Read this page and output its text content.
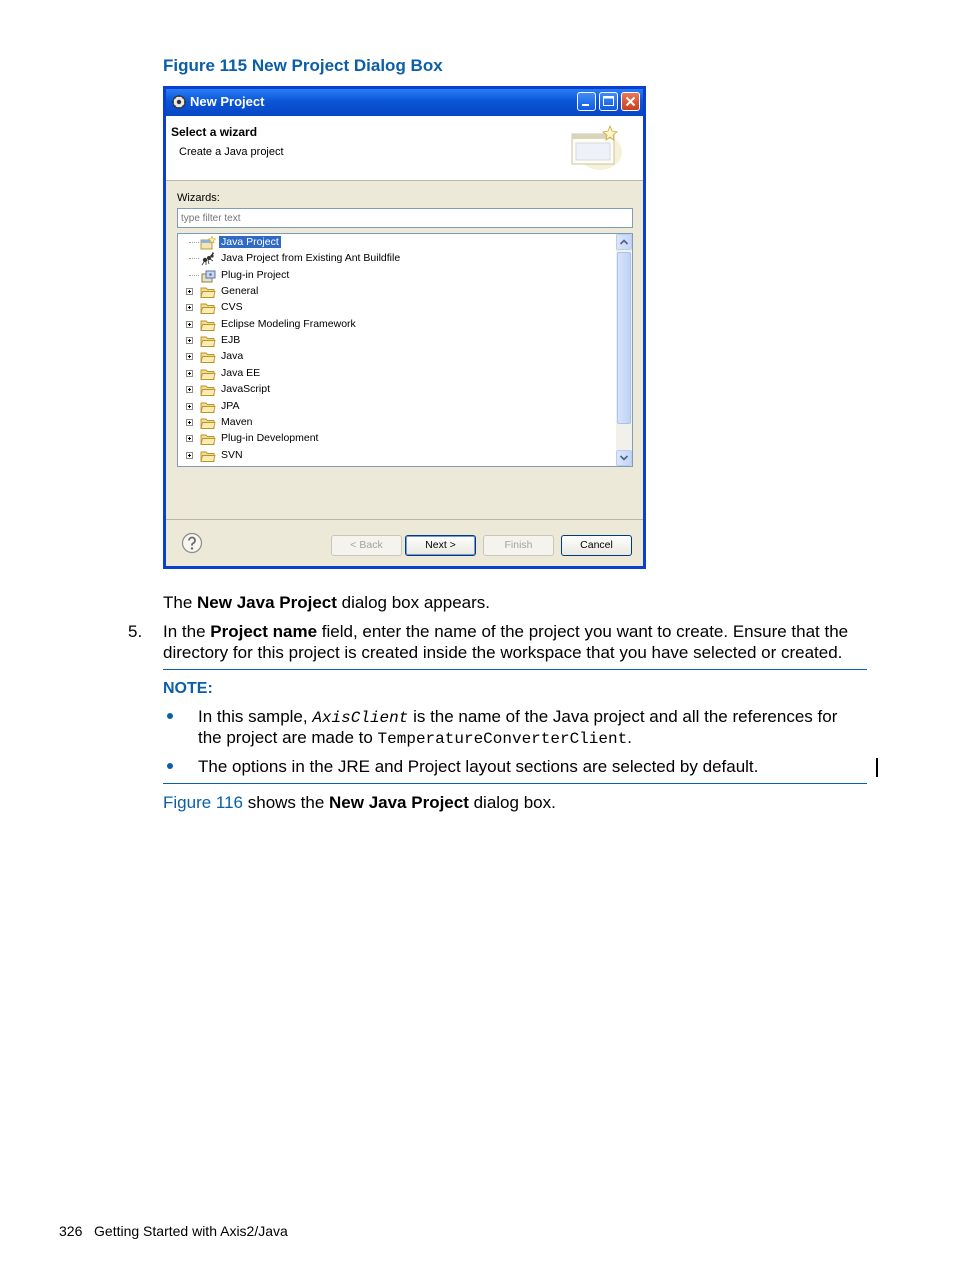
Figure 115 New Project Dialog Box
New Project
Select a wizard
Create a Java project
Wizards:
type filter text
Java Project
Java Project from Existing Ant Buildfile
Plug-in Project
General
CVS
Eclipse Modeling Framework
EJB
Java
Java EE
JavaScript
JPA
Maven
Plug-in Development
SVN
< Back	Next >	Finish	Cancel
The New Java Project dialog box appears.
5. In the Project name field, enter the name of the project you want to create. Ensure that the
directory for this project is created inside the workspace that you have selected or created.
NOTE:
In this sample, AxisClient is the name of the Java project and all the references for
the project are made to TemperatureConverterClient.
The options in the JRE and Project layout sections are selected by default.
Figure 116 shows the New Java Project dialog box.
326 Getting Started with Axis2/Java
